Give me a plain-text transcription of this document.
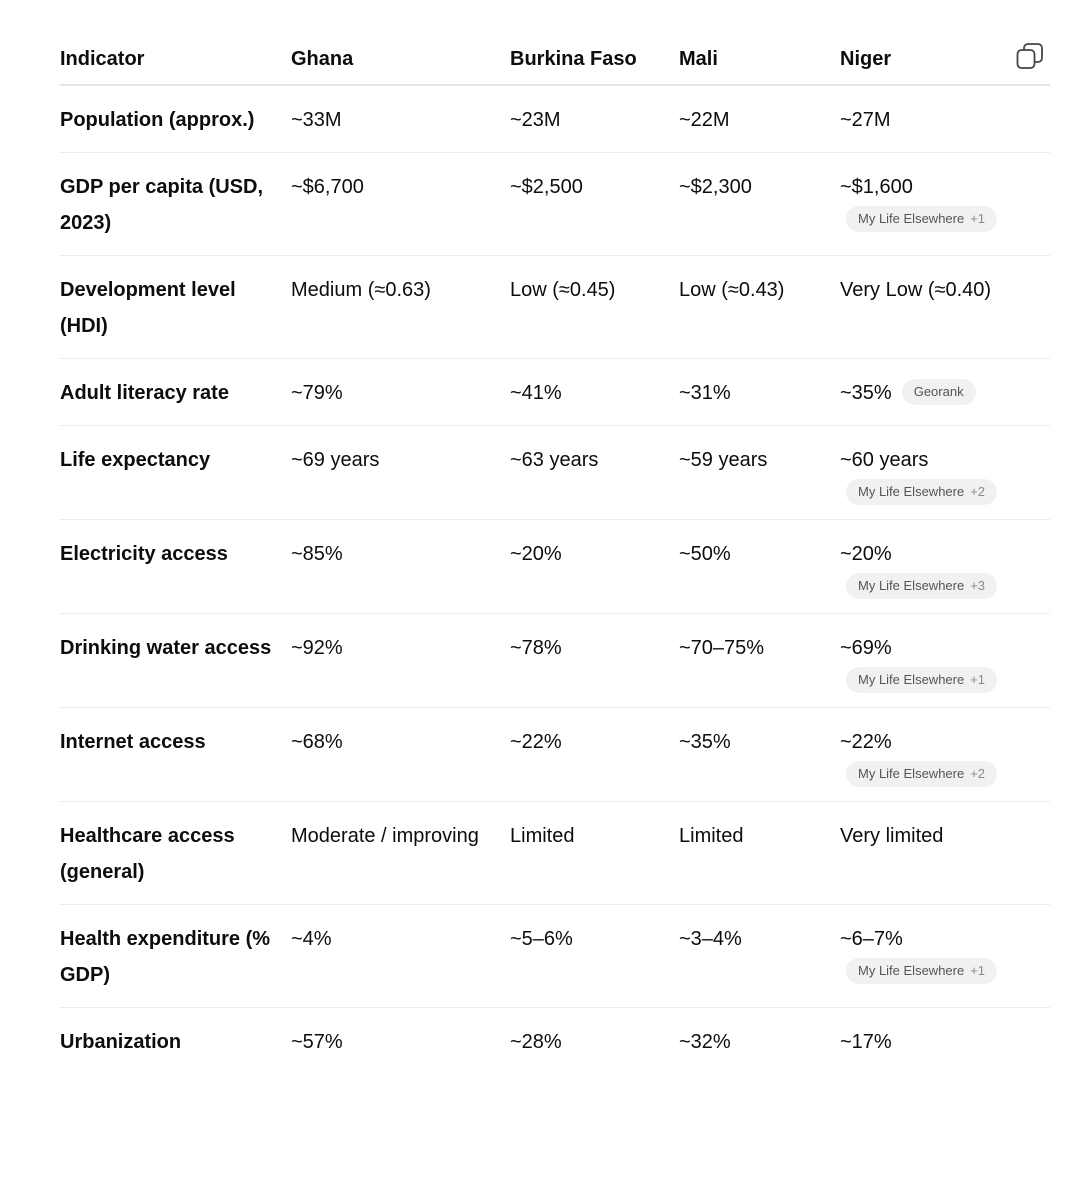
Indicator	Ghana	Burkina Faso	Mali	Niger

Population (approx.)	~33M	~23M	~22M	~27M
GDP per capita (USD, 2023)	~$6,700	~$2,500	~$2,300	~$1,600
My Life Elsewhere +1

Development level (HDI)	Medium (≈0.63)	Low (≈0.45)	Low (≈0.43)	Very Low (≈0.40)
Adult literacy rate	~79%	~41%	~31%	~35% Georank
Life expectancy	~69 years	~63 years	~59 years	~60 years
My Life Elsewhere +2

Electricity access	~85%	~20%	~50%	~20%
My Life Elsewhere +3

Drinking water access	~92%	~78%	~70–75%	~69%
My Life Elsewhere +1

Internet access	~68%	~22%	~35%	~22%
My Life Elsewhere +2

Healthcare access (general)	Moderate / improving	Limited	Limited	Very limited
Health expenditure (% GDP)	~4%	~5–6%	~3–4%	~6–7%
My Life Elsewhere +1

Urbanization	~57%	~28%	~32%	~17%
